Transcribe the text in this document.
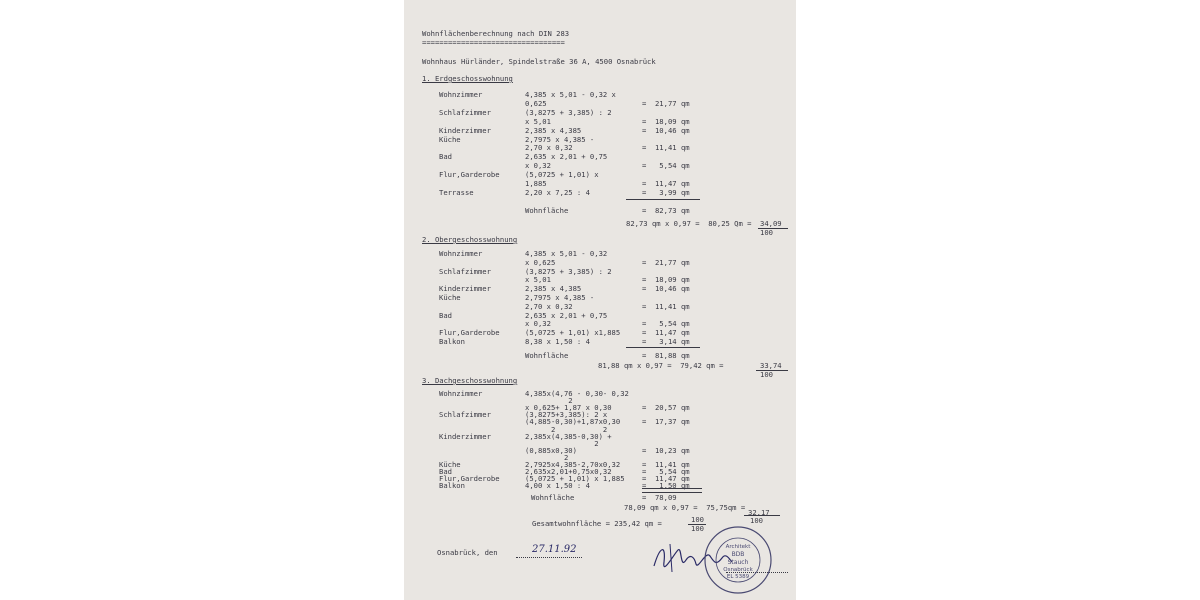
Wohnflächenberechnung nach DIN 283
=================================
Wohnhaus Hürländer, Spindelstraße 36 A, 4500 Osnabrück
1. Erdgeschosswohnung
Wohnzimmer	4,385 x 5,01 - 0,32 x
0,625	=  21,77 qm
Schlafzimmer	(3,8275 + 3,385) : 2
x 5,01	=  18,09 qm
Kinderzimmer	2,385 x 4,385	=  10,46 qm
Küche	2,7975 x 4,385 -
2,70 x 0,32	=  11,41 qm
Bad	2,635 x 2,01 + 0,75
x 0,32	=   5,54 qm
Flur,Garderobe	(5,0725 + 1,01) x
1,885	=  11,47 qm
Terrasse	2,20 x 7,25 : 4	=   3,99 qm
Wohnfläche	=  82,73 qm
82,73 qm x 0,97 =  80,25 Qm = 34,09
100
2. Obergeschosswohnung
Wohnzimmer	4,385 x 5,01 - 0,32
x 0,625	=  21,77 qm
Schlafzimmer	(3,8275 + 3,385) : 2
x 5,01	=  18,09 qm
Kinderzimmer	2,385 x 4,385	=  10,46 qm
Küche	2,7975 x 4,385 -
2,70 x 0,32	=  11,41 qm
Bad	2,635 x 2,01 + 0,75
x 0,32	=   5,54 qm
Flur,Garderobe	(5,0725 + 1,01) x1,885	=  11,47 qm
Balkon	8,38 x 1,50 : 4	=   3,14 qm
Wohnfläche	=  81,88 qm
81,88 qm x 0,97 =  79,42 qm =	33,74
100
3. Dachgeschosswohnung
Wohnzimmer	4,385x(4,76 - 0,30- 0,32
2
x 0,625+ 1,87 x 0,30	=  20,57 qm
Schlafzimmer	(3,8275+3,385): 2 x
(4,885-0,30)+1,87x0,30	=  17,37 qm
2           2
Kinderzimmer	2,385x(4,385-0,30) +
2
(0,885x0,30)	=  10,23 qm
2
Küche	2,7925x4,385-2,70x0,32	=  11,41 qm
Bad	2,635x2,01+0,75x0,32	=   5,54 qm
Flur,Garderobe	(5,0725 + 1,01) x 1,885 =  11,47 qm
Balkon	4,00 x 1,50 : 4	=   1,50 qm
Wohnfläche	=  78,09
78,09 qm x 0,97 =  75,75qm =
32,17
100
Gesamtwohnfläche = 235,42 qm =	100
100
Osnabrück, den	27.11.92	Architekt
BDB
Stauch
Osnabrück
EL 5389
